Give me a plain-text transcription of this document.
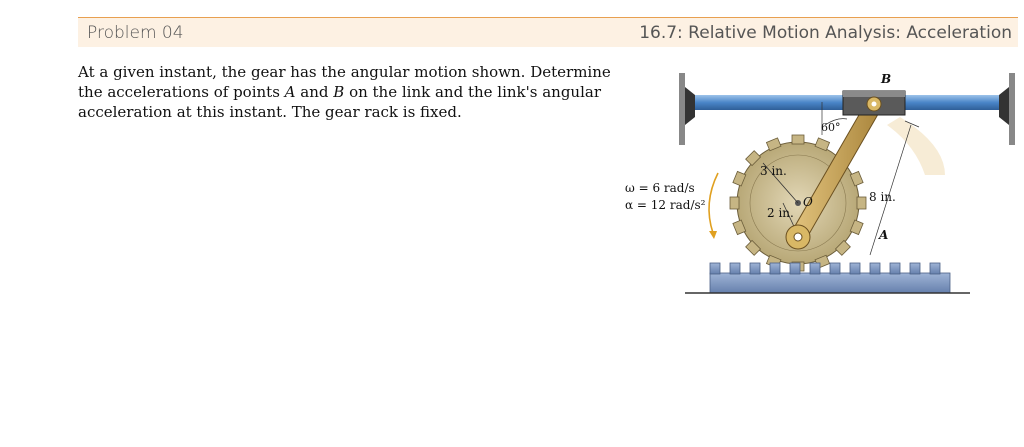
Problem 04	16.7: Relative Motion Analysis: Acceleration
At a given instant, the gear has the angular motion shown. Determine the accelerations of points A and B on the link and the link's angular acceleration at this instant. The gear rack is fixed.
B
60°
3 in.
O
2 in.
8 in.
A
ω = 6 rad/s
α = 12 rad/s²
